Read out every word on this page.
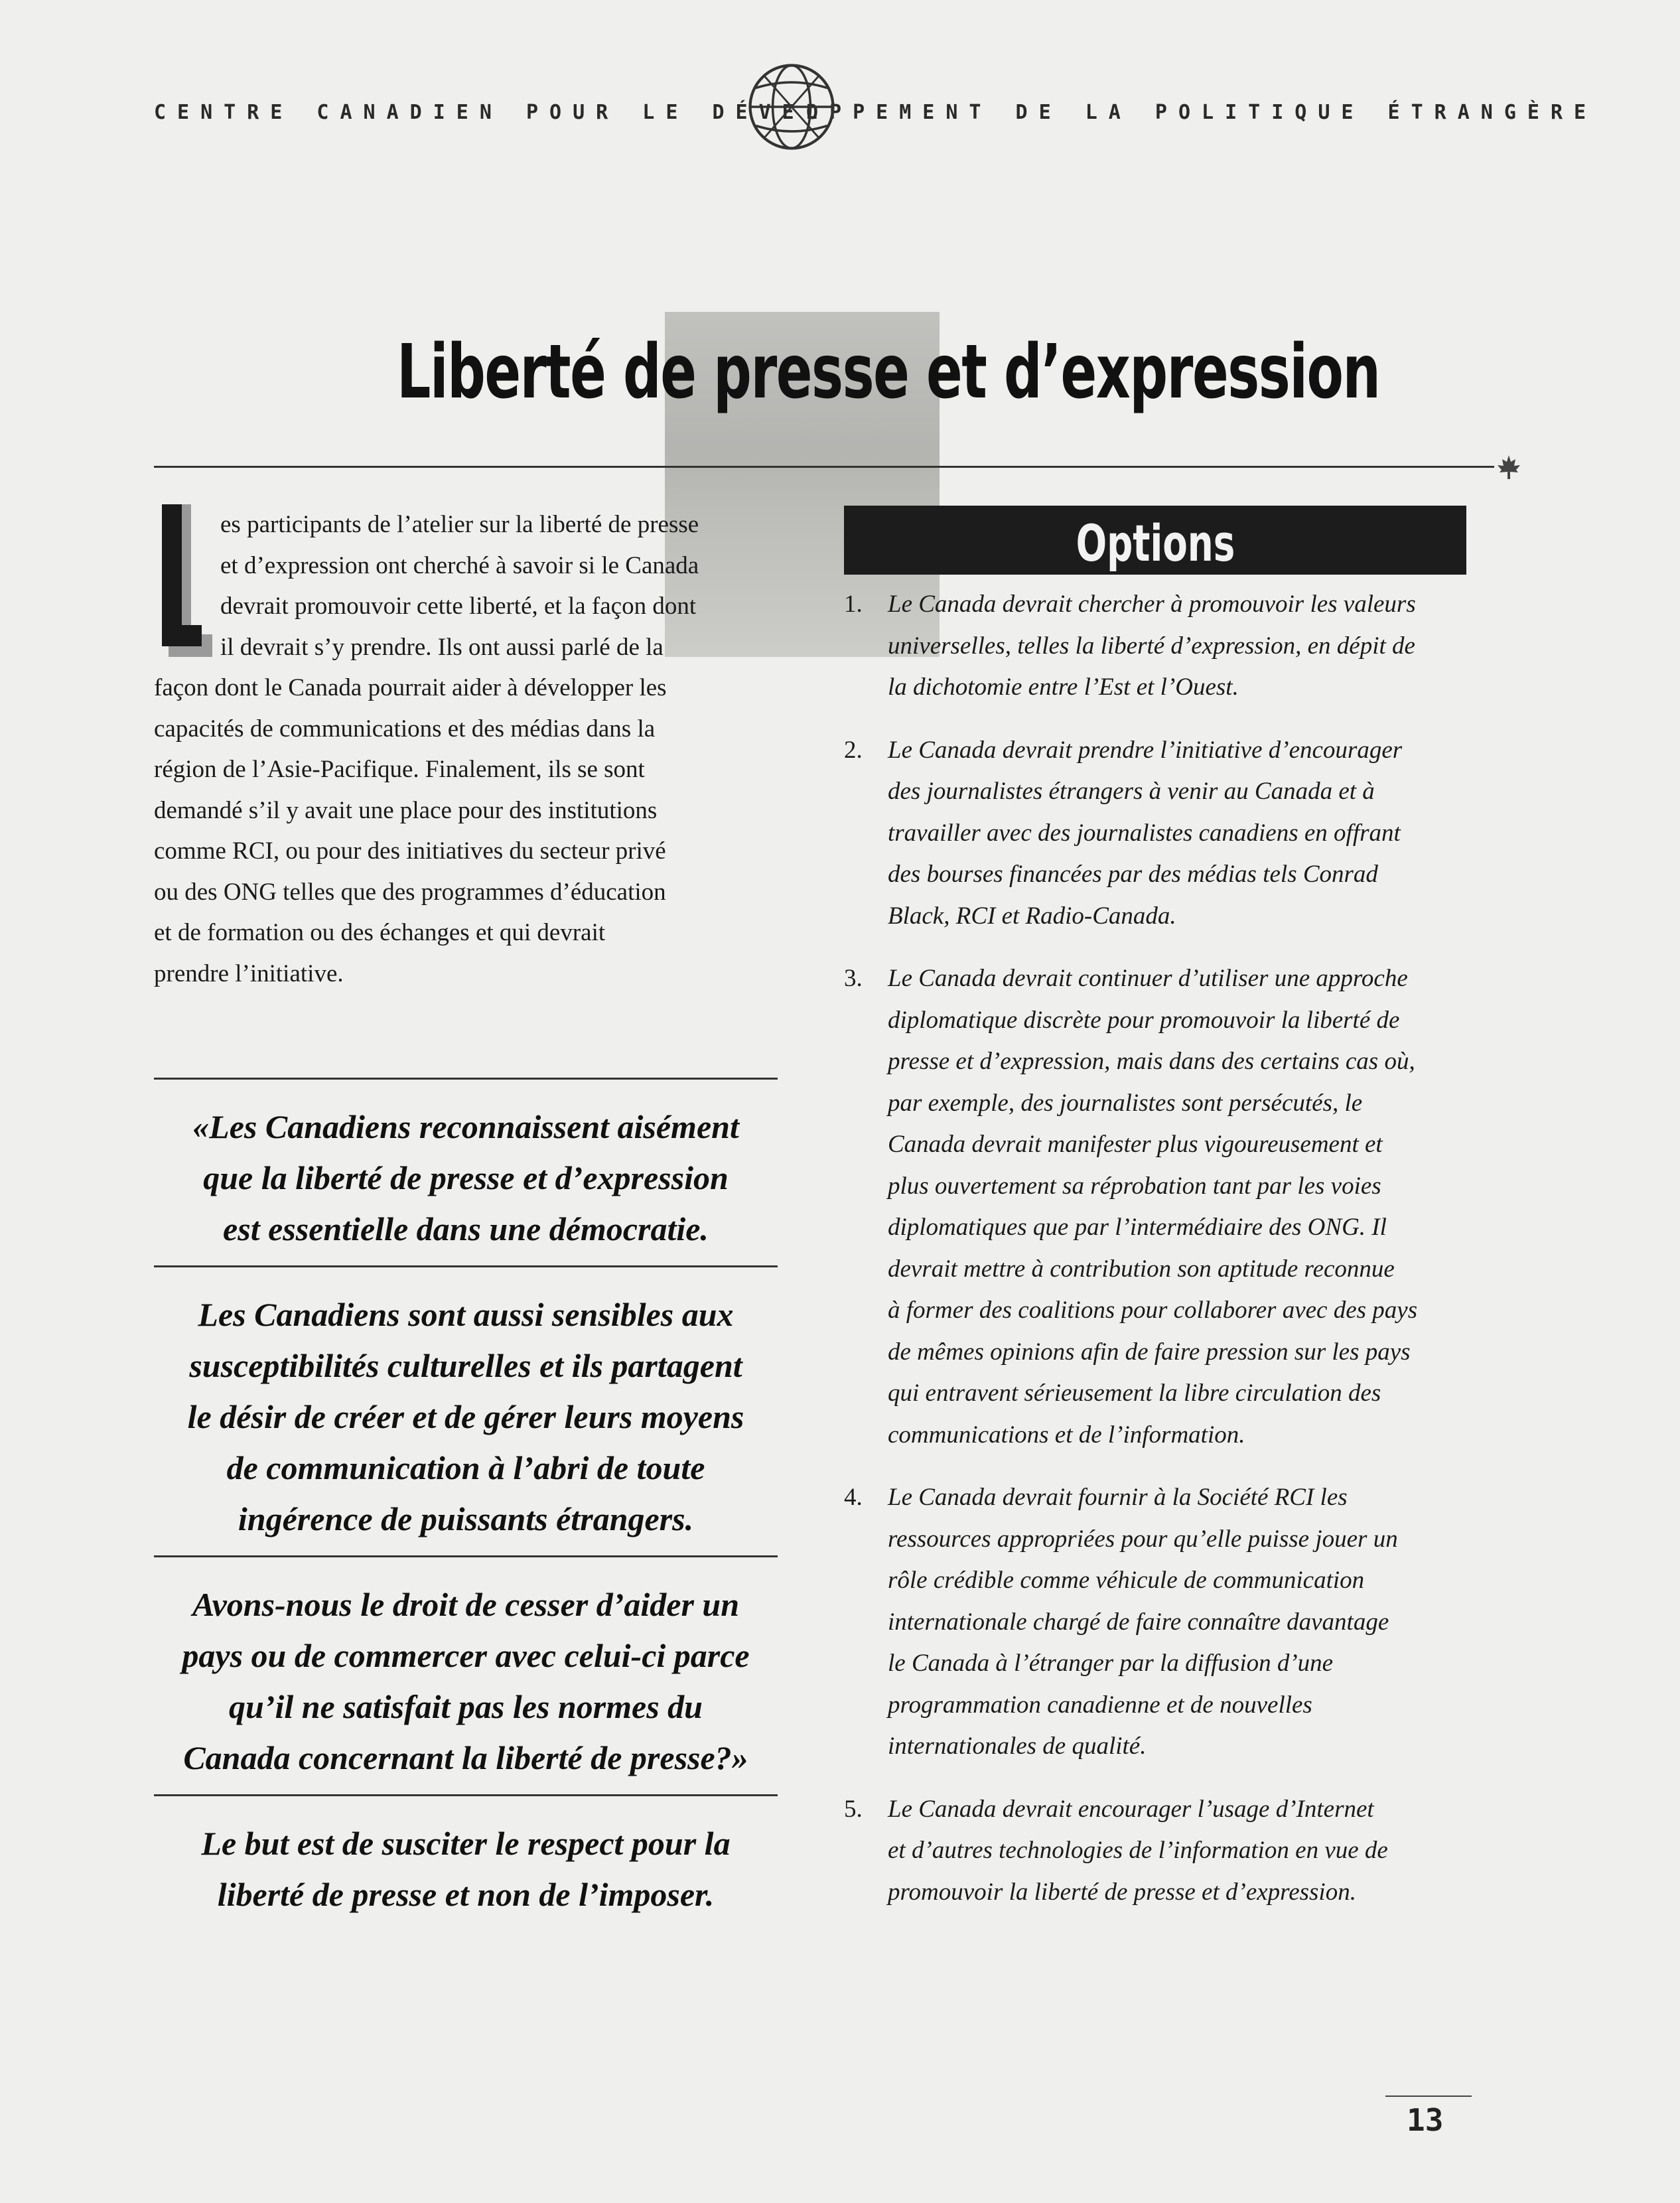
CENTRE CANADIEN POUR LE DÉVEL
OPPEMENT DE LA POLITIQUE ÉTRANGÈRE
Liberté de presse et d’expression
es participants de l’atelier sur la liberté de presse
et d’expression ont cherché à savoir si le Canada
devrait promouvoir cette liberté, et la façon dont
il devrait s’y prendre. Ils ont aussi parlé de la
façon dont le Canada pourrait aider à développer les
capacités de communications et des médias dans la
région de l’Asie-Pacifique. Finalement, ils se sont
demandé s’il y avait une place pour des institutions
comme RCI, ou pour des initiatives du secteur privé
ou des ONG telles que des programmes d’éducation
et de formation ou des échanges et qui devrait
prendre l’initiative.
«Les Canadiens reconnaissent aisément
que la liberté de presse et d’expression
est essentielle dans une démocratie.
Les Canadiens sont aussi sensibles aux
susceptibilités culturelles et ils partagent
le désir de créer et de gérer leurs moyens
de communication à l’abri de toute
ingérence de puissants étrangers.
Avons-nous le droit de cesser d’aider un
pays ou de commercer avec celui-ci parce
qu’il ne satisfait pas les normes du
Canada concernant la liberté de presse?»
Le but est de susciter le respect pour la
liberté de presse et non de l’imposer.
Options
1.	Le Canada devrait chercher à promouvoir les valeurs
universelles, telles la liberté d’expression, en dépit de
la dichotomie entre l’Est et l’Ouest.
2.	Le Canada devrait prendre l’initiative d’encourager
des journalistes étrangers à venir au Canada et à
travailler avec des journalistes canadiens en offrant
des bourses financées par des médias tels Conrad
Black, RCI et Radio-Canada.
3.	Le Canada devrait continuer d’utiliser une approche
diplomatique discrète pour promouvoir la liberté de
presse et d’expression, mais dans des certains cas où,
par exemple, des journalistes sont persécutés, le
Canada devrait manifester plus vigoureusement et
plus ouvertement sa réprobation tant par les voies
diplomatiques que par l’intermédiaire des ONG. Il
devrait mettre à contribution son aptitude reconnue
à former des coalitions pour collaborer avec des pays
de mêmes opinions afin de faire pression sur les pays
qui entravent sérieusement la libre circulation des
communications et de l’information.
4.	Le Canada devrait fournir à la Société RCI les
ressources appropriées pour qu’elle puisse jouer un
rôle crédible comme véhicule de communication
internationale chargé de faire connaître davantage
le Canada à l’étranger par la diffusion d’une
programmation canadienne et de nouvelles
internationales de qualité.
5.	Le Canada devrait encourager l’usage d’Internet
et d’autres technologies de l’information en vue de
promouvoir la liberté de presse et d’expression.
13
